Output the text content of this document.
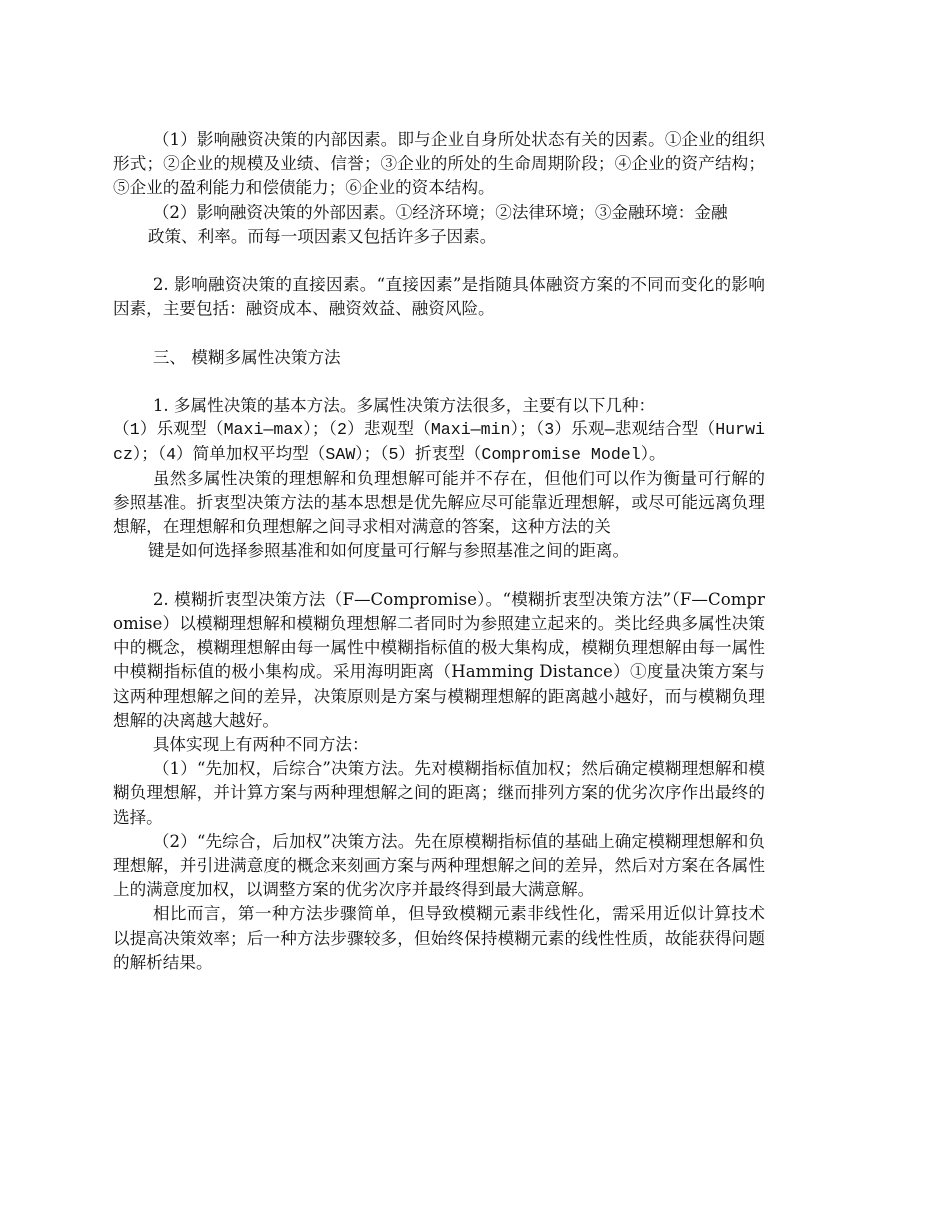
（1）影响融资决策的内部因素。即与企业自身所处状态有关的因素。①企业的组织形式；②企业的规模及业绩、信誉；③企业的所处的生命周期阶段；④企业的资产结构；⑤企业的盈利能力和偿债能力；⑥企业的资本结构。

（2）影响融资决策的外部因素。①经济环境；②法律环境；③金融环境：金融

政策、利率。而每一项因素又包括许多子因素。

2. 影响融资决策的直接因素。“直接因素”是指随具体融资方案的不同而变化的影响因素，主要包括：融资成本、融资效益、融资风险。

三、 模糊多属性决策方法

1. 多属性决策的基本方法。多属性决策方法很多，主要有以下几种：

（1）乐观型（Maxi—max）；（2）悲观型（Maxi—min）；（3）乐观—悲观结合型（Hurwicz）；（4）简单加权平均型（SAW）；（5）折衷型（Compromise Model）。

虽然多属性决策的理想解和负理想解可能并不存在，但他们可以作为衡量可行解的参照基准。折衷型决策方法的基本思想是优先解应尽可能靠近理想解，或尽可能远离负理想解，在理想解和负理想解之间寻求相对满意的答案，这种方法的关

键是如何选择参照基准和如何度量可行解与参照基准之间的距离。

2. 模糊折衷型决策方法（F—Compromise）。“模糊折衷型决策方法”（F—Compromise）以模糊理想解和模糊负理想解二者同时为参照建立起来的。类比经典多属性决策中的概念，模糊理想解由每一属性中模糊指标值的极大集构成，模糊负理想解由每一属性中模糊指标值的极小集构成。采用海明距离（Hamming Distance）①度量决策方案与这两种理想解之间的差异，决策原则是方案与模糊理想解的距离越小越好，而与模糊负理想解的决离越大越好。

具体实现上有两种不同方法：

（1）“先加权，后综合”决策方法。先对模糊指标值加权；然后确定模糊理想解和模糊负理想解，并计算方案与两种理想解之间的距离；继而排列方案的优劣次序作出最终的选择。

（2）“先综合，后加权”决策方法。先在原模糊指标值的基础上确定模糊理想解和负理想解，并引进满意度的概念来刻画方案与两种理想解之间的差异，然后对方案在各属性上的满意度加权，以调整方案的优劣次序并最终得到最大满意解。

相比而言，第一种方法步骤简单，但导致模糊元素非线性化，需采用近似计算技术以提高决策效率；后一种方法步骤较多，但始终保持模糊元素的线性性质，故能获得问题的解析结果。
